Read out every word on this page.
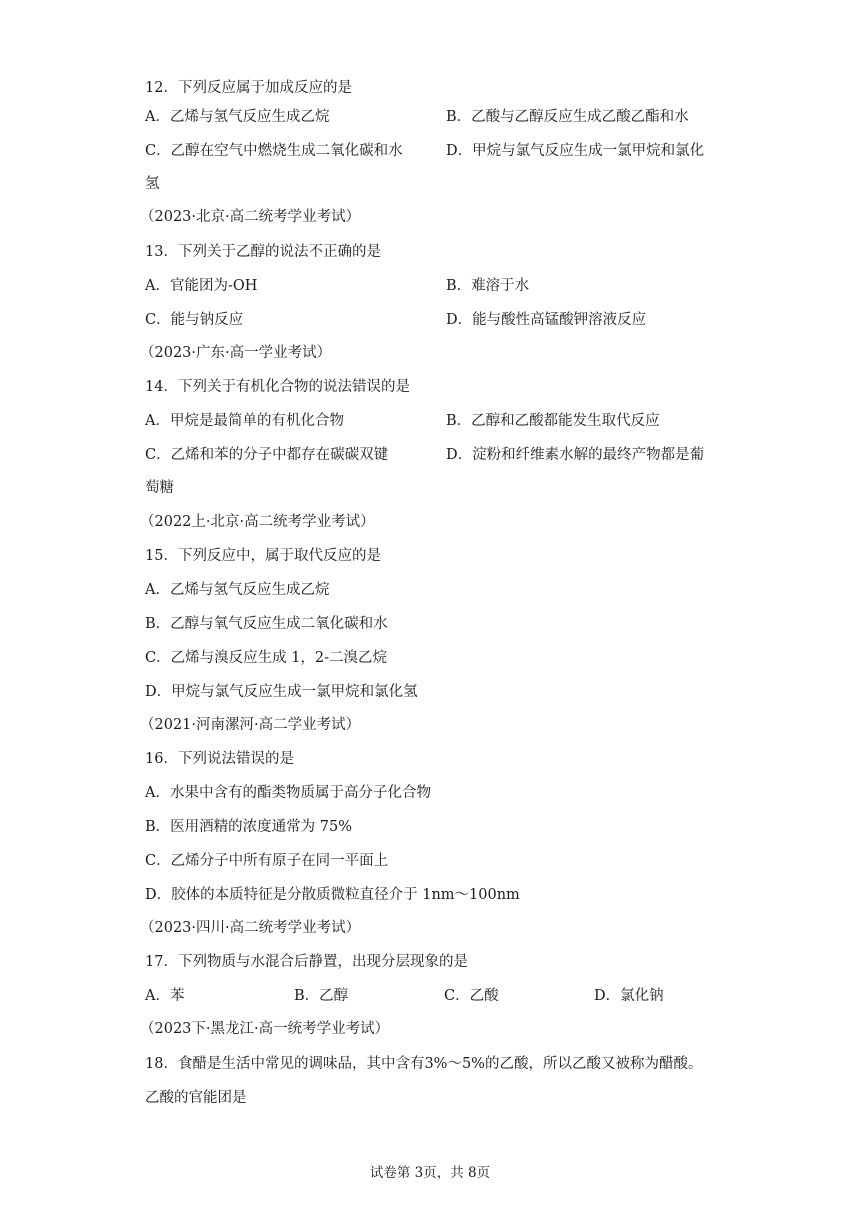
12．下列反应属于加成反应的是
A．乙烯与氢气反应生成乙烷	B．乙酸与乙醇反应生成乙酸乙酯和水
C．乙醇在空气中燃烧生成二氧化碳和水	D．甲烷与氯气反应生成一氯甲烷和氯化
氢
（2023·北京·高二统考学业考试）
13．下列关于乙醇的说法不正确的是
A．官能团为-OH	B．难溶于水
C．能与钠反应	D．能与酸性高锰酸钾溶液反应
（2023·广东·高一学业考试）
14．下列关于有机化合物的说法错误的是
A．甲烷是最简单的有机化合物	B．乙醇和乙酸都能发生取代反应
C．乙烯和苯的分子中都存在碳碳双键	D．淀粉和纤维素水解的最终产物都是葡
萄糖
（2022上·北京·高二统考学业考试）
15．下列反应中，属于取代反应的是
A．乙烯与氢气反应生成乙烷
B．乙醇与氧气反应生成二氧化碳和水
C．乙烯与溴反应生成 1，2-二溴乙烷
D．甲烷与氯气反应生成一氯甲烷和氯化氢
（2021·河南漯河·高二学业考试）
16．下列说法错误的是
A．水果中含有的酯类物质属于高分子化合物
B．医用酒精的浓度通常为 75%
C．乙烯分子中所有原子在同一平面上
D．胶体的本质特征是分散质微粒直径介于 1nm～100nm
（2023·四川·高二统考学业考试）
17．下列物质与水混合后静置，出现分层现象的是
A．苯	B．乙醇	C．乙酸	D．氯化钠
（2023下·黑龙江·高一统考学业考试）
18．食醋是生活中常见的调味品，其中含有3%～5%的乙酸，所以乙酸又被称为醋酸。
乙酸的官能团是
试卷第 3页，共 8页
